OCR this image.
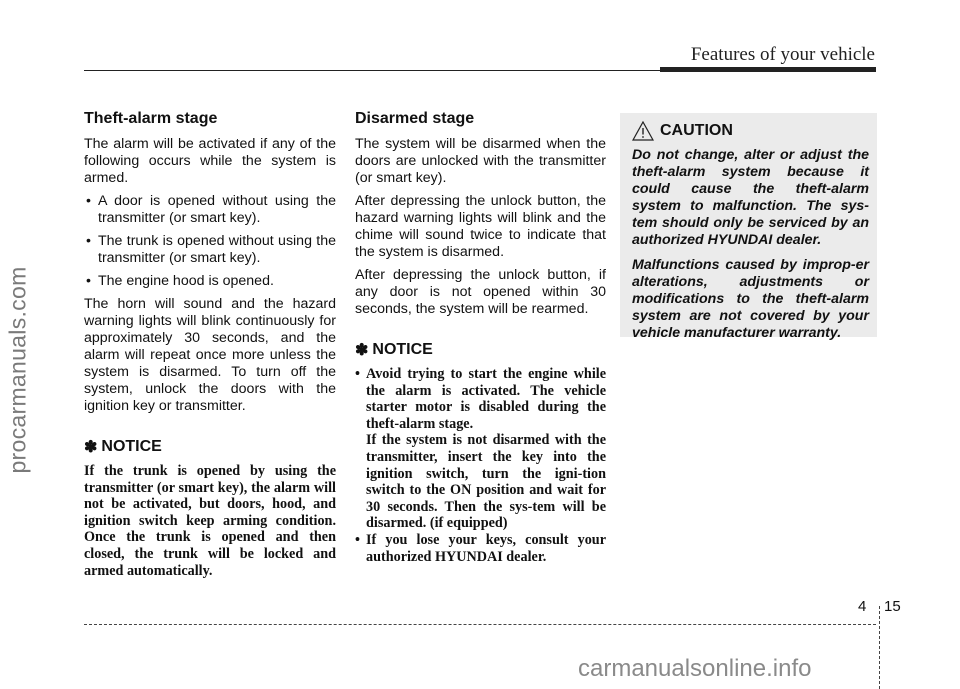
Features of your vehicle
procarmanuals.com
Theft-alarm stage

The alarm will be activated if any of the following occurs while the system is armed.

• A door is opened without using the transmitter (or smart key).
• The trunk is opened without using the transmitter (or smart key).
• The engine hood is opened.

The horn will sound and the hazard warning lights will blink continuously for approximately 30 seconds, and the alarm will repeat once more unless the system is disarmed. To turn off the system, unlock the doors with the ignition key or transmitter.

✽ NOTICE

If the trunk is opened by using the transmitter (or smart key), the alarm will not be activated, but doors, hood, and ignition switch keep arming condition. Once the trunk is opened and then closed, the trunk will be locked and armed automatically.

Disarmed stage

The system will be disarmed when the doors are unlocked with the transmitter (or smart key).

After depressing the unlock button, the hazard warning lights will blink and the chime will sound twice to indicate that the system is disarmed.

After depressing the unlock button, if any door is not opened within 30 seconds, the system will be rearmed.

✽ NOTICE
• Avoid trying to start the engine while the alarm is activated. The vehicle starter motor is disabled during the theft-alarm stage.
If the system is not disarmed with the transmitter, insert the key into the ignition switch, turn the igni-tion switch to the ON position and wait for 30 seconds. Then the sys-tem will be disarmed. (if equipped)
• If you lose your keys, consult your authorized HYUNDAI dealer.
CAUTION

Do not change, alter or adjust the theft-alarm system because it could cause the theft-alarm system to malfunction. The sys-tem should only be serviced by an authorized HYUNDAI dealer.

Malfunctions caused by improp-er alterations, adjustments or modifications to the theft-alarm system are not covered by your vehicle manufacturer warranty.

4 15
carmanualsonline.info
